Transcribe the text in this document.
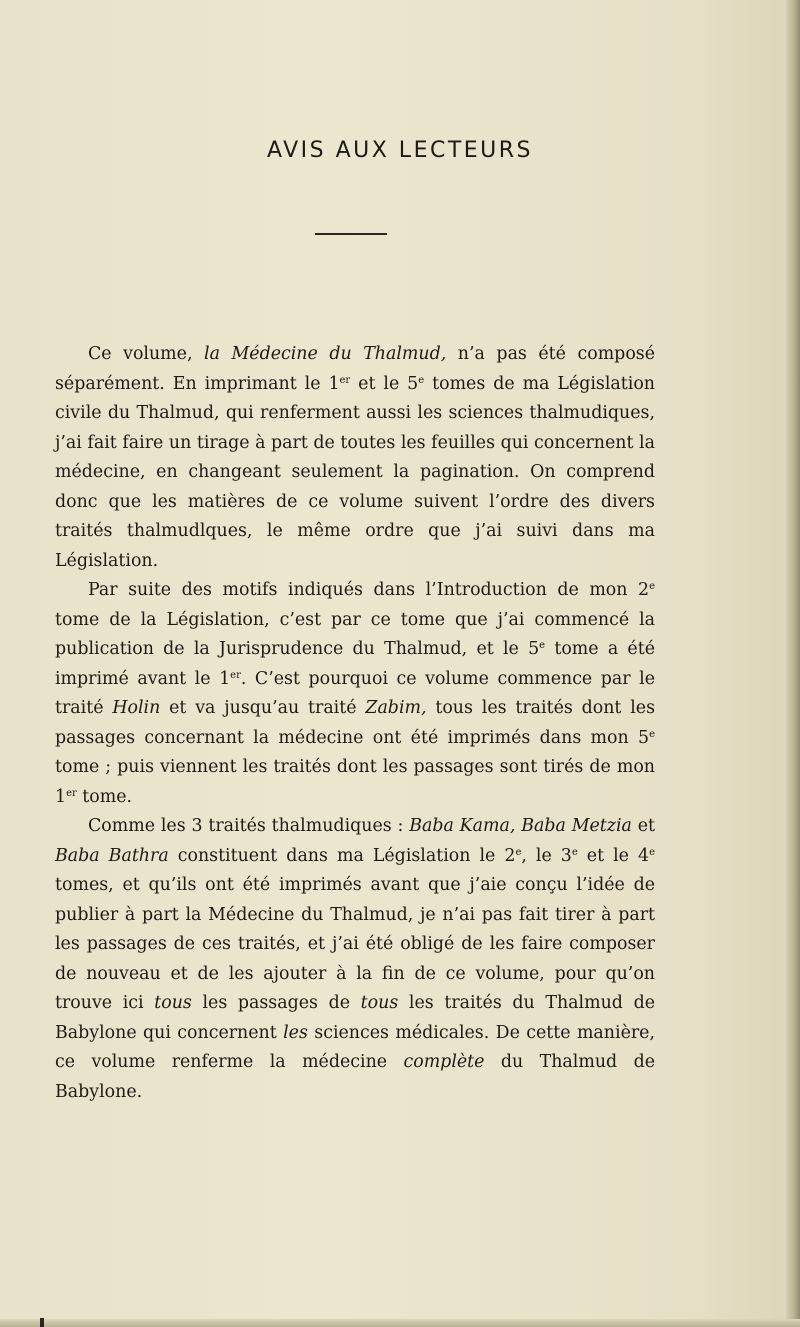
AVIS AUX LECTEURS

Ce volume, la Médecine du Thalmud, n’a pas été composé séparément. En imprimant le 1er et le 5e tomes de ma Législation civile du Thalmud, qui renferment aussi les sciences thalmudiques, j’ai fait faire un tirage à part de toutes les feuilles qui concernent la médecine, en changeant seulement la pagination. On comprend donc que les matières de ce volume suivent l’ordre des divers traités thalmudlques, le même ordre que j’ai suivi dans ma Législation.

Par suite des motifs indiqués dans l’Introduction de mon 2e tome de la Législation, c’est par ce tome que j’ai commencé la publication de la Jurisprudence du Thalmud, et le 5e tome a été imprimé avant le 1er. C’est pourquoi ce volume commence par le traité Holin et va jusqu’au traité Zabim, tous les traités dont les passages concernant la médecine ont été imprimés dans mon 5e tome ; puis viennent les traités dont les passages sont tirés de mon 1er tome.

Comme les 3 traités thalmudiques : Baba Kama, Baba Metzia et Baba Bathra constituent dans ma Législation le 2e, le 3e et le 4e tomes, et qu’ils ont été imprimés avant que j’aie conçu l’idée de publier à part la Médecine du Thalmud, je n’ai pas fait tirer à part les passages de ces traités, et j’ai été obligé de les faire composer de nouveau et de les ajouter à la fin de ce volume, pour qu’on trouve ici tous les passages de tous les traités du Thalmud de Babylone qui concernent les sciences médicales. De cette manière, ce volume renferme la médecine complète du Thalmud de Babylone.
